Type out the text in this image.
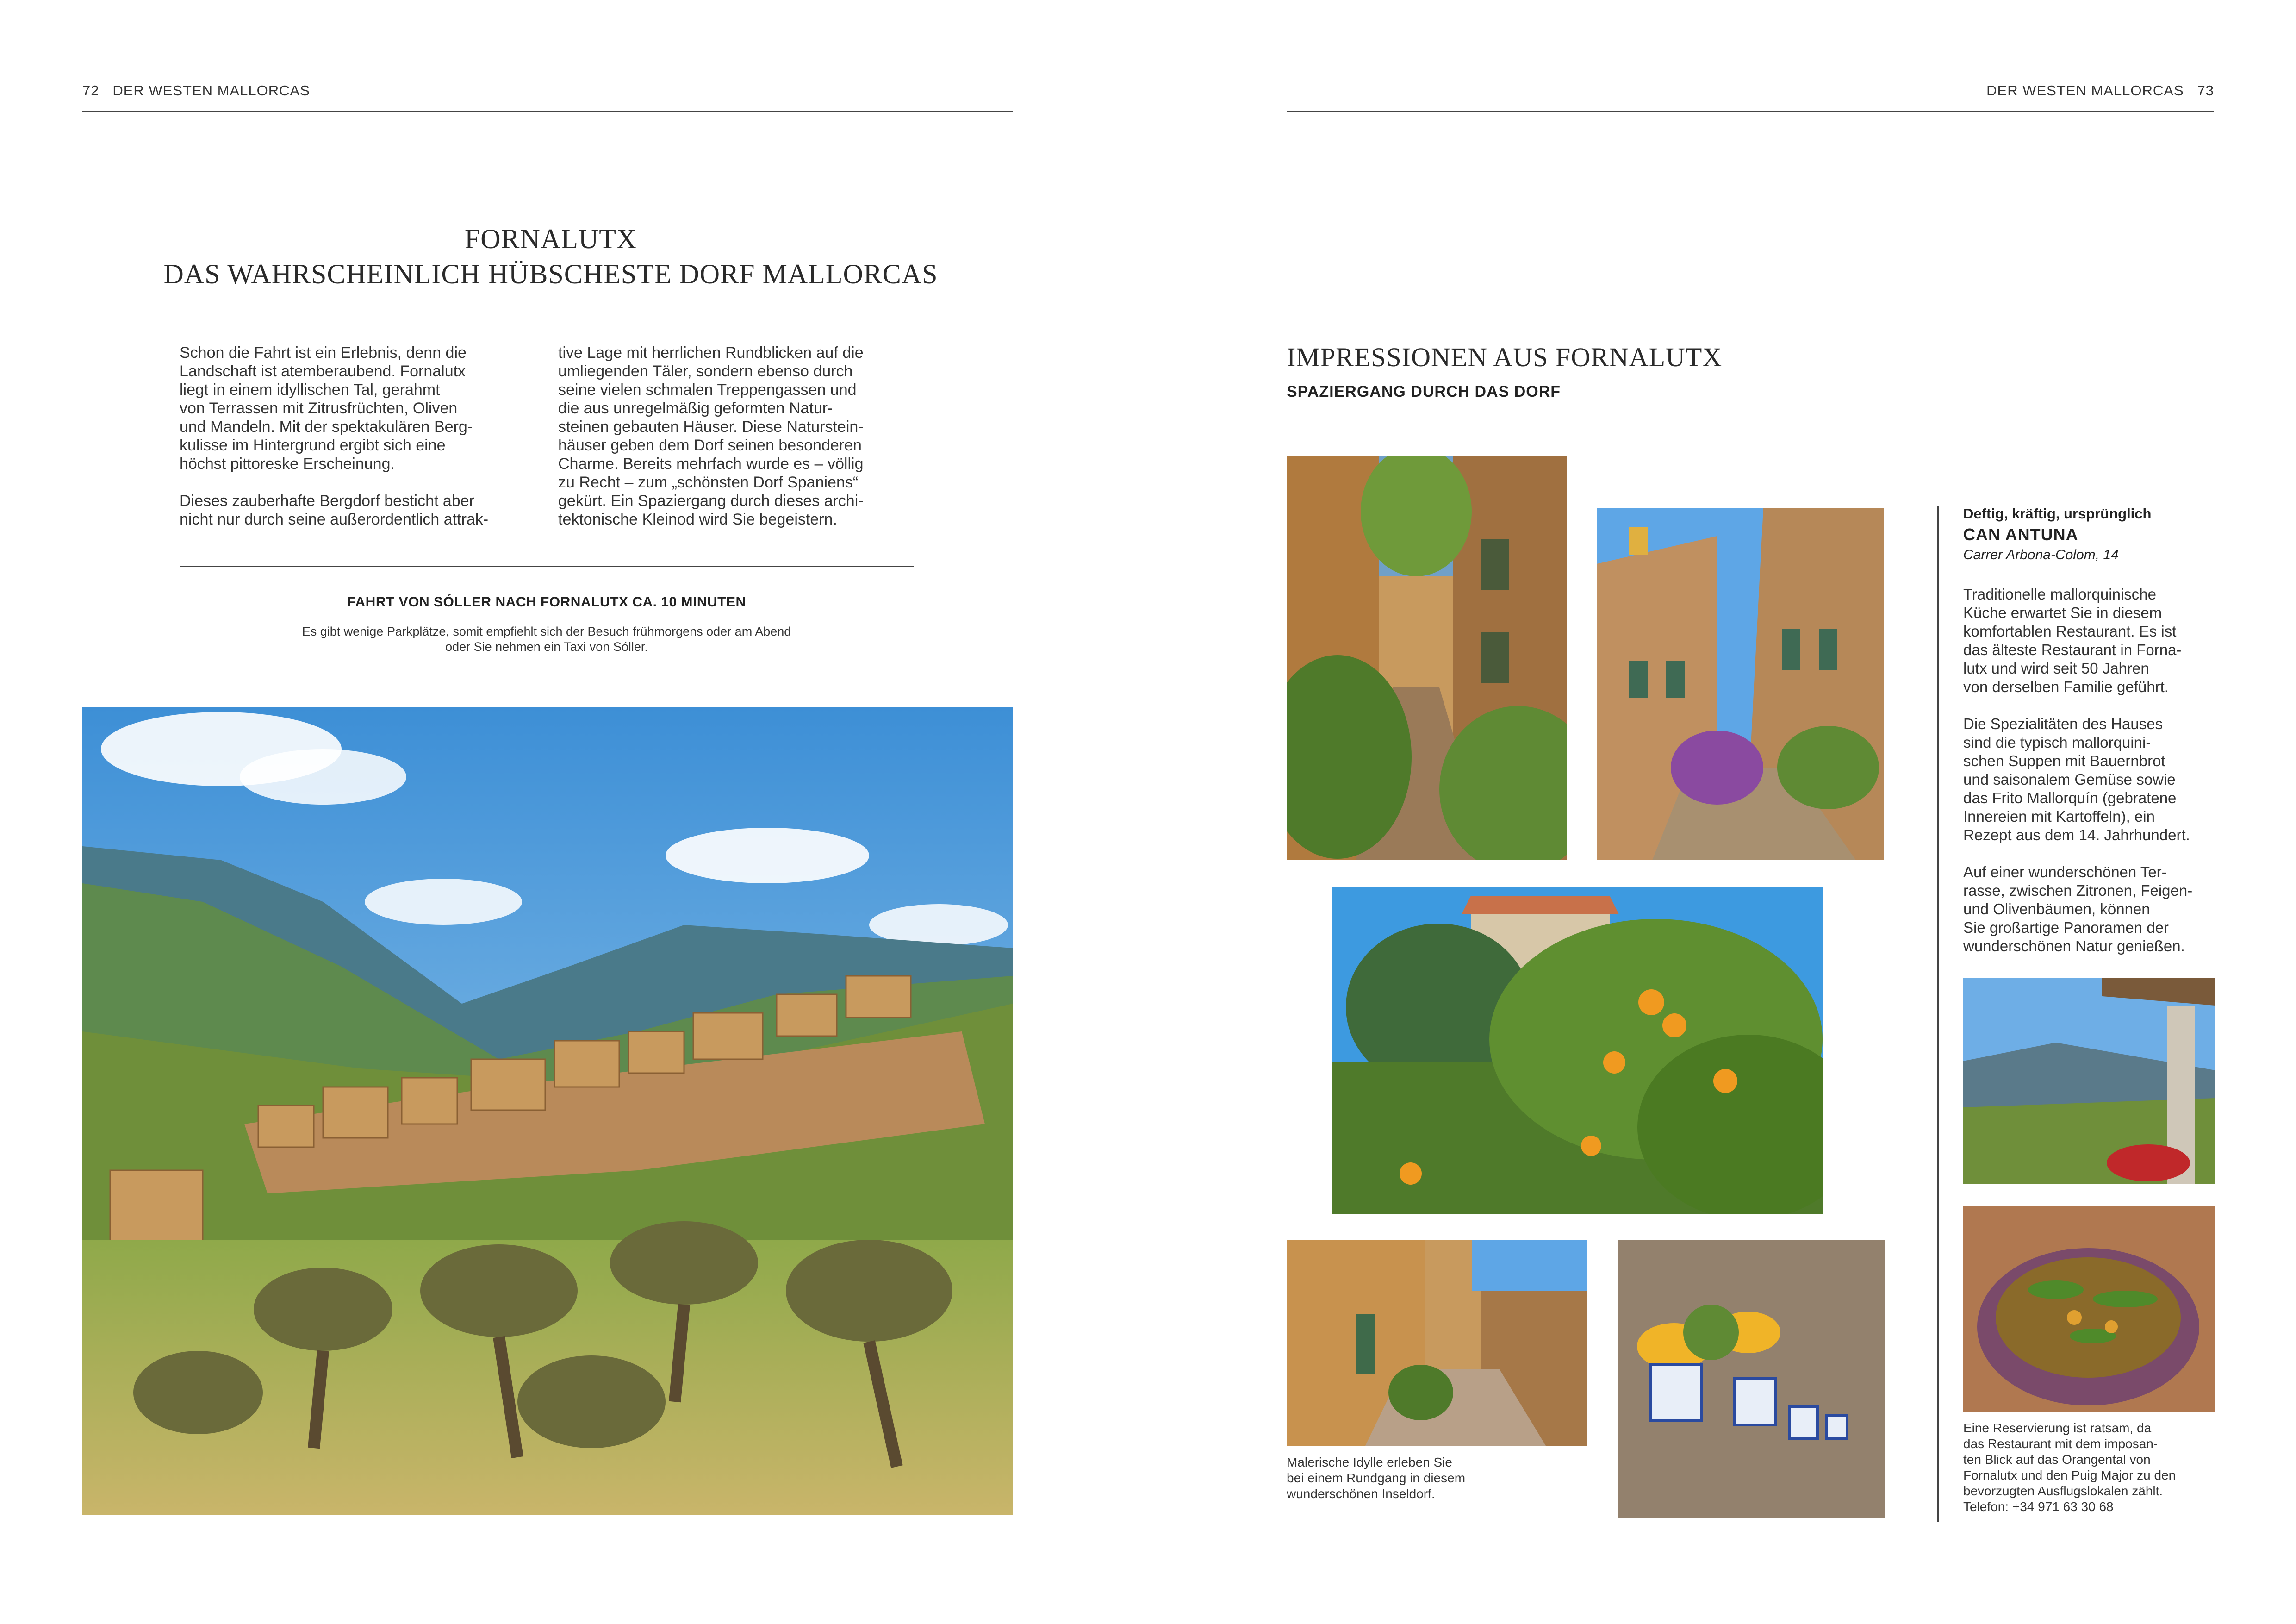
72 DER WESTEN MALLORCAS
FORNALUTX
DAS WAHRSCHEINLICH HÜBSCHESTE DORF MALLORCAS
Schon die Fahrt ist ein Erlebnis, denn die
Landschaft ist atemberaubend. Fornalutx
liegt in einem idyllischen Tal, gerahmt
von Terrassen mit Zitrusfrüchten, Oliven
und Mandeln. Mit der spektakulären Berg-
kulisse im Hintergrund ergibt sich eine
höchst pittoreske Erscheinung.

Dieses zauberhafte Bergdorf besticht aber
nicht nur durch seine außerordentlich attrak-
tive Lage mit herrlichen Rundblicken auf die
umliegenden Täler, sondern ebenso durch
seine vielen schmalen Treppengassen und
die aus unregelmäßig geformten Natur-
steinen gebauten Häuser. Diese Naturstein-
häuser geben dem Dorf seinen besonderen
Charme. Bereits mehrfach wurde es – völlig
zu Recht – zum „schönsten Dorf Spaniens“
gekürt. Ein Spaziergang durch dieses archi-
tektonische Kleinod wird Sie begeistern.
FAHRT VON SÓLLER NACH FORNALUTX CA. 10 MINUTEN
Es gibt wenige Parkplätze, somit empfiehlt sich der Besuch frühmorgens oder am Abend
oder Sie nehmen ein Taxi von Sóller.
DER WESTEN MALLORCAS 73
IMPRESSIONEN AUS FORNALUTX
SPAZIERGANG DURCH DAS DORF
Malerische Idylle erleben Sie
bei einem Rundgang in diesem
wunderschönen Inseldorf.
Deftig, kräftig, ursprünglich
CAN ANTUNA
Carrer Arbona-Colom, 14
Traditionelle mallorquinische
Küche erwartet Sie in diesem
komfortablen Restaurant. Es ist
das älteste Restaurant in Forna-
lutx und wird seit 50 Jahren
von derselben Familie geführt.
Die Spezialitäten des Hauses
sind die typisch mallorquini-
schen Suppen mit Bauernbrot
und saisonalem Gemüse sowie
das Frito Mallorquín (gebratene
Innereien mit Kartoffeln), ein
Rezept aus dem 14. Jahrhundert.
Auf einer wunderschönen Ter-
rasse, zwischen Zitronen, Feigen-
und Olivenbäumen, können
Sie großartige Panoramen der
wunderschönen Natur genießen.
Eine Reservierung ist ratsam, da
das Restaurant mit dem imposan-
ten Blick auf das Orangental von
Fornalutx und den Puig Major zu den
bevorzugten Ausflugslokalen zählt.
Telefon: +34 971 63 30 68
